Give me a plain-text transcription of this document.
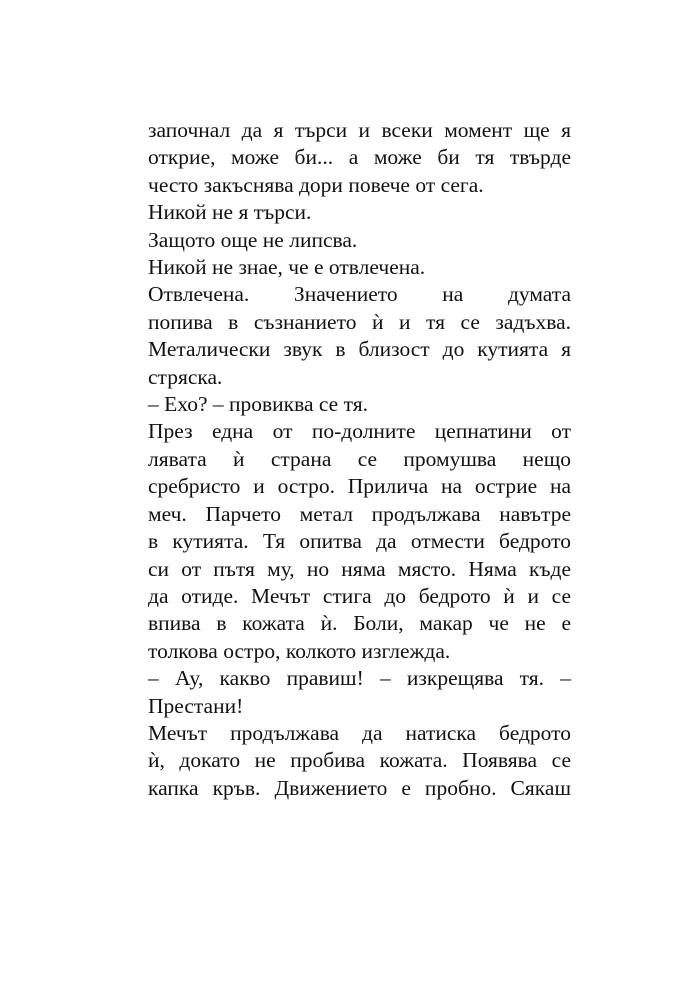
започнал да я търси и всеки момент ще я
открие, може би... а може би тя твърде
често закъснява дори повече от сега.
Никой не я търси.
Защото още не липсва.
Никой не знае, че е отвлечена.
Отвлечена. Значението на думата
попива в съзнанието ѝ и тя се задъхва.
Металически звук в близост до кутията я
стряска.
– Ехо? – провиква се тя.
През една от по-долните цепнатини от
лявата ѝ страна се промушва нещо
сребристо и остро. Прилича на острие на
меч. Парчето метал продължава навътре
в кутията. Тя опитва да отмести бедрото
си от пътя му, но няма място. Няма къде
да отиде. Мечът стига до бедрото ѝ и се
впива в кожата ѝ. Боли, макар че не е
толкова остро, колкото изглежда.
– Ау, какво правиш! – изкрещява тя. –
Престани!
Мечът продължава да натиска бедрото
ѝ, докато не пробива кожата. Появява се
капка кръв. Движението е пробно. Сякаш
